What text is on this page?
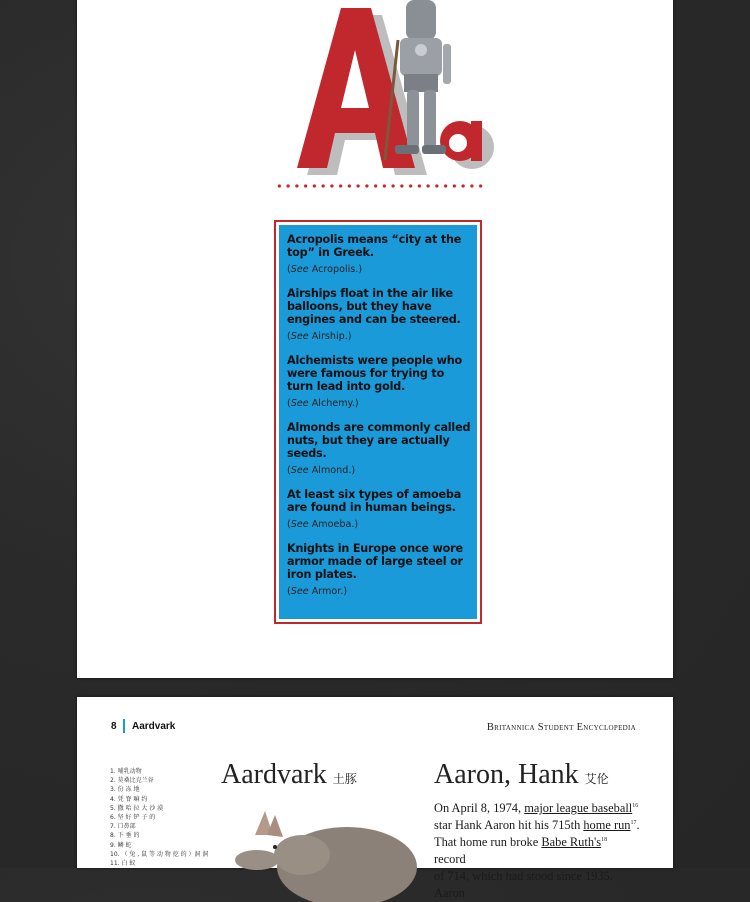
Acropolis means “city at the top” in Greek.
(See Acropolis.)
Airships float in the air like balloons, but they have engines and can be steered.
(See Airship.)
Alchemists were people who were famous for trying to turn lead into gold.
(See Alchemy.)
Almonds are commonly called nuts, but they are actually seeds.
(See Almond.)
At least six types of amoeba are found in human beings.
(See Amoeba.)
Knights in Europe once wore armor made of large steel or iron plates.
(See Armor.)
8 Aardvark	Britannica Student Encyclopedia
1. 哺乳动物
2. 莫桑比克兰谷
3. 份 冻 地
4. 凭 脊 嘛 约
5. 撒 哈 拉 大 沙 漠
6. 坚 好 铲 子 的
7. 口鼻部
8. 下 垂 的
9. 鳞 蛇
10. （ 兔 , 鼠 等 动 物 挖 的 ）洞 洞
11. 白 蚁
Aardvark 土豚	Aaron, Hank 艾伦
On April 8, 1974, major league baseball$^{16}$
star Hank Aaron hit his 715th home run$^{17}$.
That home run broke Babe $Ruth's^{18}$ record
of 714, which had stood since 1935. Aaron
